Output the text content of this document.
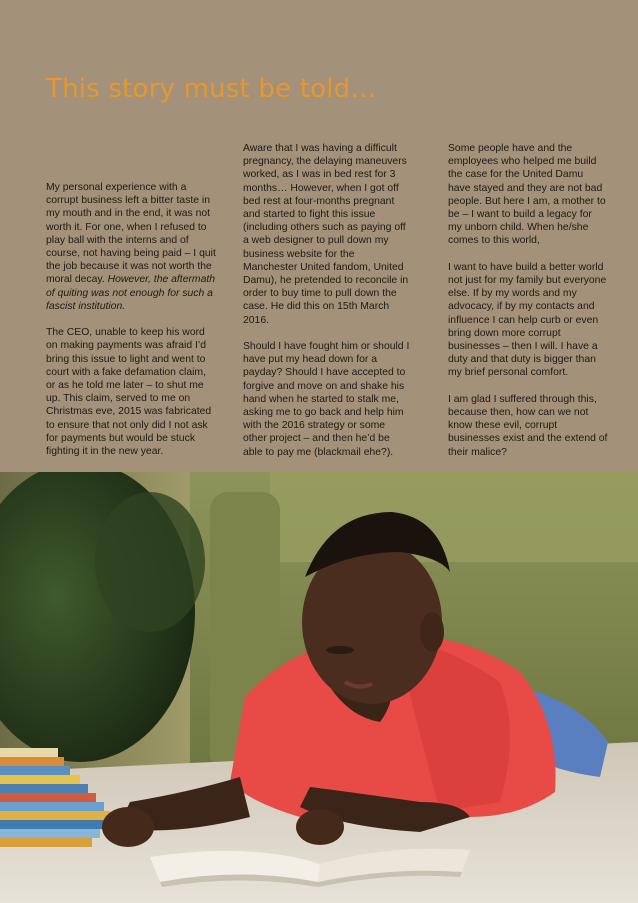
This story must be told…

My personal experience with a corrupt business left a bitter taste in my mouth and in the end, it was not worth it. For one, when I refused to play ball with the interns and of course, not having being paid – I quit the job because it was not worth the moral decay. However, the aftermath of quiting was not enough for such a fascist institution.

The CEO, unable to keep his word on making payments was afraid I’d bring this issue to light and went to court with a fake defamation claim, or as he told me later – to shut me up. This claim, served to me on Christmas eve, 2015 was fabricated to ensure that not only did I not ask for payments but would be stuck fighting it in the new year.

Aware that I was having a difficult pregnancy, the delaying maneuvers worked, as I was in bed rest for 3 months… However, when I got off bed rest at four-months pregnant and started to fight this issue (including others such as paying off a web designer to pull down my business website for the Manchester United fandom, United Damu), he pretended to reconcile in order to buy time to pull down the case. He did this on 15th March 2016.

Should I have fought him or should I have put my head down for a payday? Should I have accepted to forgive and move on and shake his hand when he started to stalk me, asking me to go back and help him with the 2016 strategy or some other project – and then he’d be able to pay me (blackmail ehe?).

Some people have and the employees who helped me build the case for the United Damu have stayed and they are not bad people. But here I am, a mother to be – I want to build a legacy for my unborn child. When he/she comes to this world,

I want to have build a better world not just for my family but everyone else. If by my words and my advocacy, if by my contacts and influence I can help curb or even bring down more corrupt businesses – then I will. I have a duty and that duty is bigger than my brief personal comfort.

I am glad I suffered through this, because then, how can we not know these evil, corrupt businesses exist and the extend of their malice?
